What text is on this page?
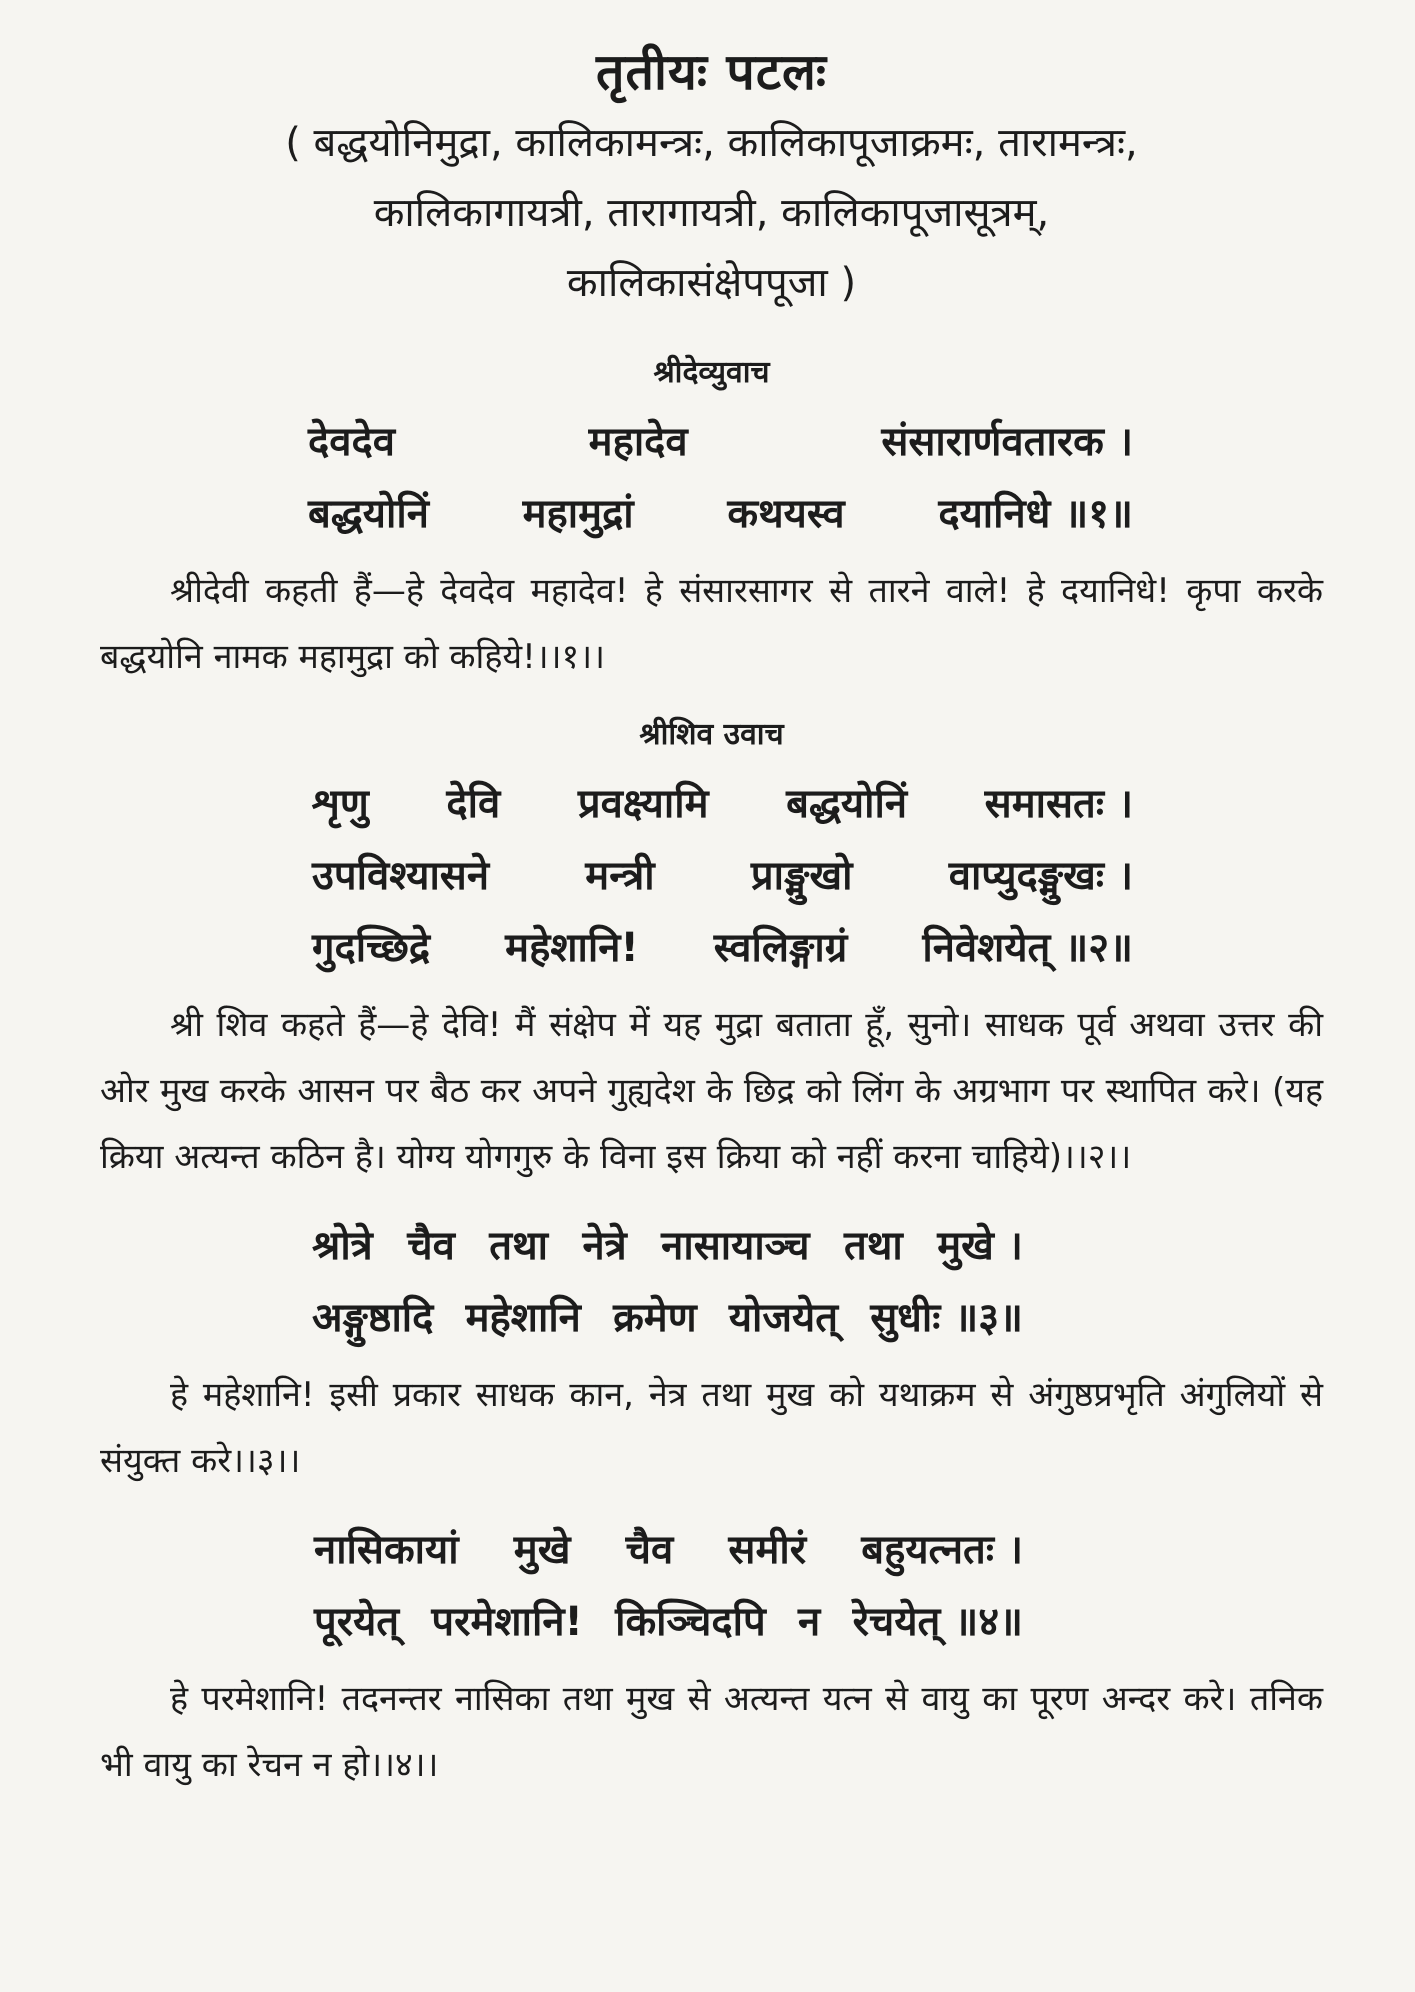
तृतीयः पटलः
( बद्धयोनिमुद्रा, कालिकामन्त्रः, कालिकापूजाक्रमः, तारामन्त्रः,
कालिकागायत्री, तारागायत्री, कालिकापूजासूत्रम्,
कालिकासंक्षेपपूजा )
श्रीदेव्युवाच
देवदेव	महादेव	संसारार्णवतारक ।
बद्धयोनिं महामुद्रां कथयस्व दयानिधे ॥१॥

श्रीदेवी कहती हैं—हे देवदेव महादेव! हे संसारसागर से तारने वाले! हे दयानिधे! कृपा करके बद्धयोनि नामक महामुद्रा को कहिये!।।१।।

श्रीशिव उवाच
शृणु देवि प्रवक्ष्यामि बद्धयोनिं समासतः ।
उपविश्यासने मन्त्री प्राङ्मुखो वाप्युदङ्मुखः ।
गुदच्छिद्रे महेशानि! स्वलिङ्गाग्रं निवेशयेत् ॥२॥

श्री शिव कहते हैं—हे देवि! मैं संक्षेप में यह मुद्रा बताता हूँ, सुनो। साधक पूर्व अथवा उत्तर की ओर मुख करके आसन पर बैठ कर अपने गुह्यदेश के छिद्र को लिंग के अग्रभाग पर स्थापित करे। (यह क्रिया अत्यन्त कठिन है। योग्य योगगुरु के विना इस क्रिया को नहीं करना चाहिये)।।२।।

श्रोत्रे चैव तथा नेत्रे नासायाञ्च तथा मुखे ।
अङ्गुष्ठादि महेशानि क्रमेण योजयेत् सुधीः ॥३॥

हे महेशानि! इसी प्रकार साधक कान, नेत्र तथा मुख को यथाक्रम से अंगुष्ठप्रभृति अंगुलियों से संयुक्त करे।।३।।

नासिकायां मुखे चैव समीरं बहुयत्नतः ।
पूरयेत् परमेशानि! किञ्चिदपि न रेचयेत् ॥४॥

हे परमेशानि! तदनन्तर नासिका तथा मुख से अत्यन्त यत्न से वायु का पूरण अन्दर करे। तनिक भी वायु का रेचन न हो।।४।।
